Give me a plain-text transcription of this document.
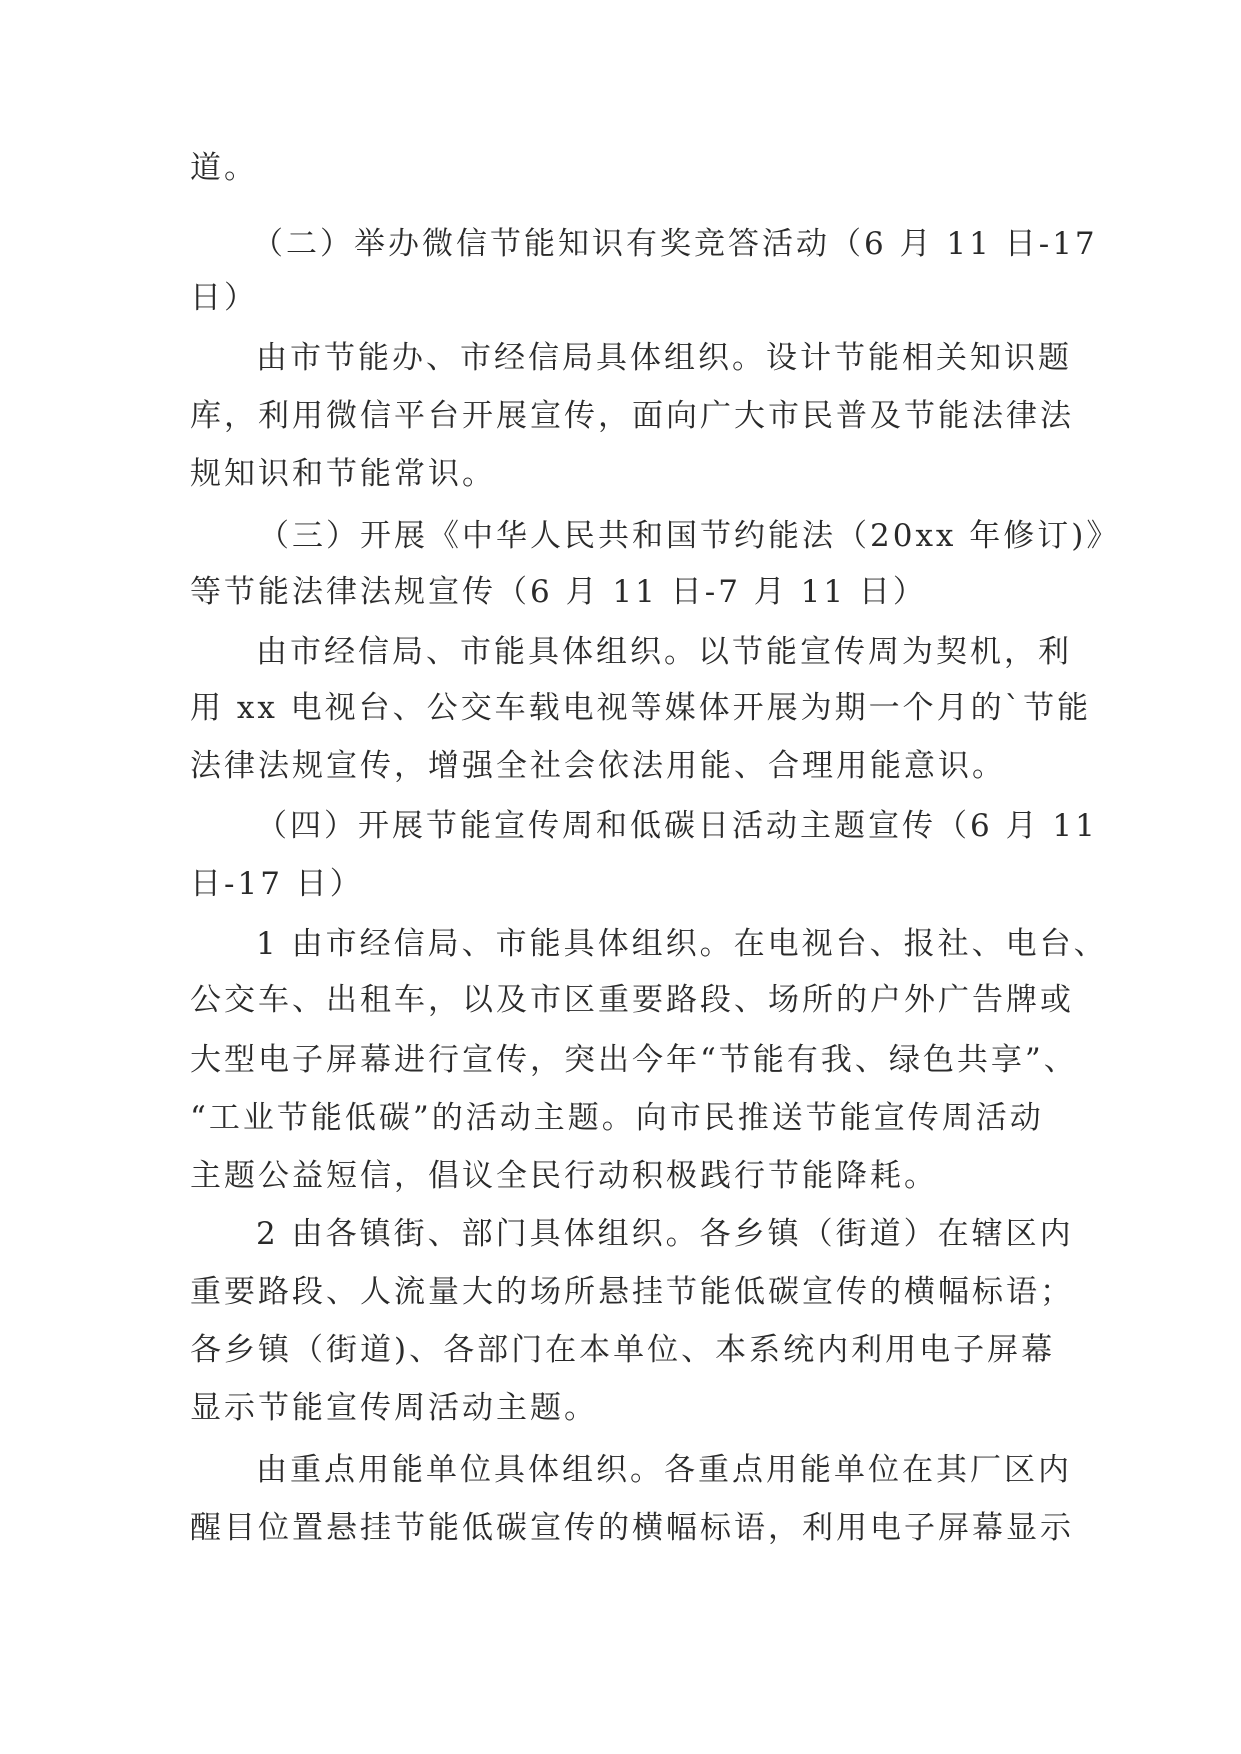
道。
（二）举办微信节能知识有奖竞答活动（6 月 11 日-17
日）
由市节能办、市经信局具体组织。设计节能相关知识题
库，利用微信平台开展宣传，面向广大市民普及节能法律法
规知识和节能常识。
（三）开展《中华人民共和国节约能法（20xx 年修订)》
等节能法律法规宣传（6 月 11 日-7 月 11 日）
由市经信局、市能具体组织。以节能宣传周为契机，利
用 xx 电视台、公交车载电视等媒体开展为期一个月的`节能
法律法规宣传，增强全社会依法用能、合理用能意识。
（四）开展节能宣传周和低碳日活动主题宣传（6 月 11
日-17 日）
1 由市经信局、市能具体组织。在电视台、报社、电台、
公交车、出租车，以及市区重要路段、场所的户外广告牌或
大型电子屏幕进行宣传，突出今年“节能有我、绿色共享”、
“工业节能低碳”的活动主题。向市民推送节能宣传周活动
主题公益短信，倡议全民行动积极践行节能降耗。
2 由各镇街、部门具体组织。各乡镇（街道）在辖区内
重要路段、人流量大的场所悬挂节能低碳宣传的横幅标语；
各乡镇（街道)、各部门在本单位、本系统内利用电子屏幕
显示节能宣传周活动主题。
由重点用能单位具体组织。各重点用能单位在其厂区内
醒目位置悬挂节能低碳宣传的横幅标语，利用电子屏幕显示
